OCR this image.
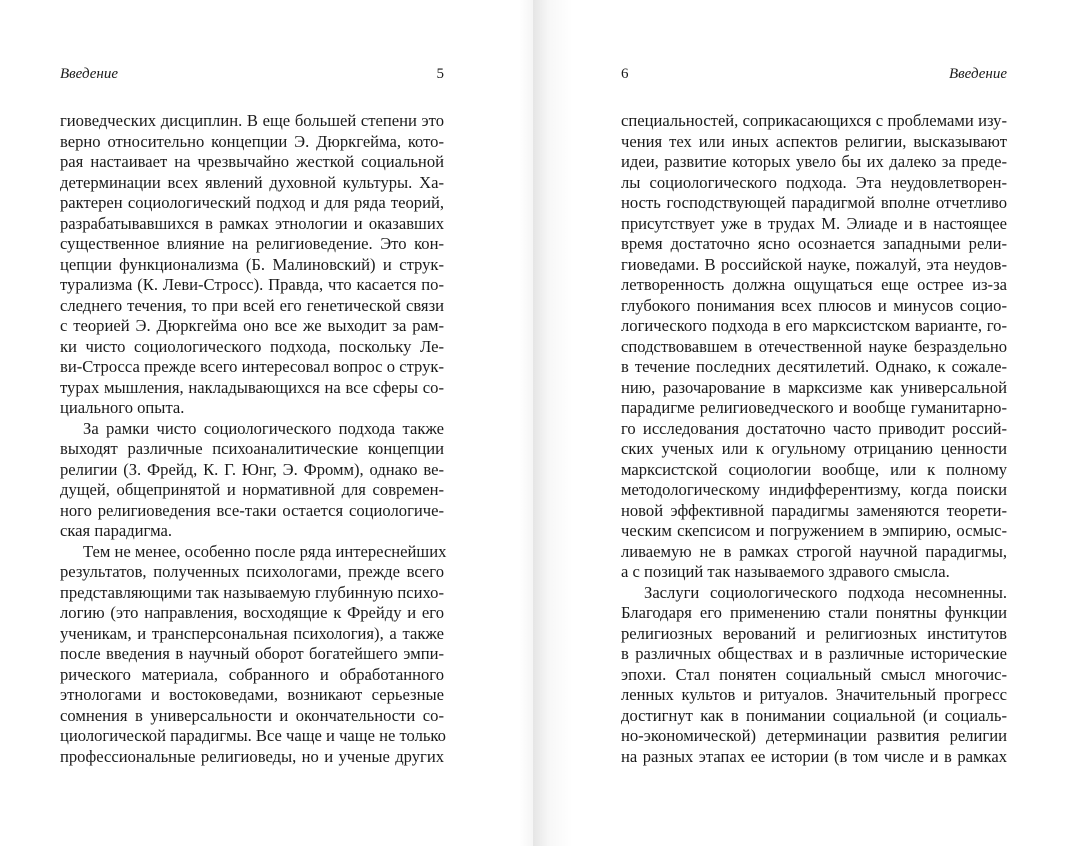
Введение	5
гиоведческих дисциплин. В еще большей степени это
верно относительно концепции Э. Дюркгейма, кото-
рая настаивает на чрезвычайно жесткой социальной
детерминации всех явлений духовной культуры. Ха-
рактерен социологический подход и для ряда теорий,
разрабатывавшихся в рамках этнологии и оказавших
существенное влияние на религиоведение. Это кон-
цепции функционализма (Б. Малиновский) и струк-
турализма (К. Леви-Стросс). Правда, что касается по-
следнего течения, то при всей его генетической связи
с теорией Э. Дюркгейма оно все же выходит за рам-
ки чисто социологического подхода, поскольку Ле-
ви-Стросса прежде всего интересовал вопрос о струк-
турах мышления, накладывающихся на все сферы со-
циального опыта.
За рамки чисто социологического подхода также
выходят различные психоаналитические концепции
религии (З. Фрейд, К. Г. Юнг, Э. Фромм), однако ве-
дущей, общепринятой и нормативной для современ-
ного религиоведения все-таки остается социологиче-
ская парадигма.
Тем не менее, особенно после ряда интереснейших
результатов, полученных психологами, прежде всего
представляющими так называемую глубинную психо-
логию (это направления, восходящие к Фрейду и его
ученикам, и трансперсональная психология), а также
после введения в научный оборот богатейшего эмпи-
рического материала, собранного и обработанного
этнологами и востоковедами, возникают серьезные
сомнения в универсальности и окончательности со-
циологической парадигмы. Все чаще и чаще не только
профессиональные религиоведы, но и ученые других
6	Введение
специальностей, соприкасающихся с проблемами изу-
чения тех или иных аспектов религии, высказывают
идеи, развитие которых увело бы их далеко за преде-
лы социологического подхода. Эта неудовлетворен-
ность господствующей парадигмой вполне отчетливо
присутствует уже в трудах М. Элиаде и в настоящее
время достаточно ясно осознается западными рели-
гиоведами. В российской науке, пожалуй, эта неудов-
летворенность должна ощущаться еще острее из-за
глубокого понимания всех плюсов и минусов социо-
логического подхода в его марксистском варианте, го-
сподствовавшем в отечественной науке безраздельно
в течение последних десятилетий. Однако, к сожале-
нию, разочарование в марксизме как универсальной
парадигме религиоведческого и вообще гуманитарно-
го исследования достаточно часто приводит россий-
ских ученых или к огульному отрицанию ценности
марксистской социологии вообще, или к полному
методологическому индифферентизму, когда поиски
новой эффективной парадигмы заменяются теорети-
ческим скепсисом и погружением в эмпирию, осмыс-
ливаемую не в рамках строгой научной парадигмы,
а с позиций так называемого здравого смысла.
Заслуги социологического подхода несомненны.
Благодаря его применению стали понятны функции
религиозных верований и религиозных институтов
в различных обществах и в различные исторические
эпохи. Стал понятен социальный смысл многочис-
ленных культов и ритуалов. Значительный прогресс
достигнут как в понимании социальной (и социаль-
но-экономической) детерминации развития религии
на разных этапах ее истории (в том числе и в рамках
